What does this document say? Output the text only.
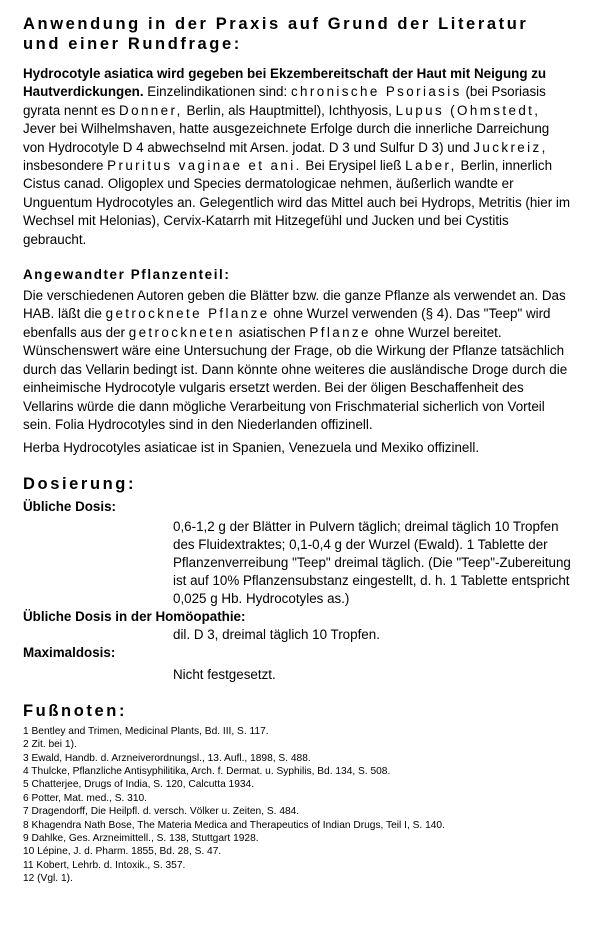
Anwendung in der Praxis auf Grund der Literatur
und einer Rundfrage:

Hydrocotyle asiatica wird gegeben bei Ekzembereitschaft der Haut mit Neigung zu Hautverdickungen. Einzelindikationen sind: chronische Psoriasis (bei Psoriasis gyrata nennt es Donner, Berlin, als Hauptmittel), Ichthyosis, Lupus (Ohmstedt, Jever bei Wilhelmshaven, hatte ausgezeichnete Erfolge durch die innerliche Darreichung von Hydrocotyle D 4 abwechselnd mit Arsen. jodat. D 3 und Sulfur D 3) und Juckreiz, insbesondere Pruritus vaginae et ani. Bei Erysipel ließ Laber, Berlin, innerlich Cistus canad. Oligoplex und Species dermatologicae nehmen, äußerlich wandte er Unguentum Hydrocotyles an. Gelegentlich wird das Mittel auch bei Hydrops, Metritis (hier im Wechsel mit Helonias), Cervix-Katarrh mit Hitzegefühl und Jucken und bei Cystitis gebraucht.

Angewandter Pflanzenteil:

Die verschiedenen Autoren geben die Blätter bzw. die ganze Pflanze als verwendet an. Das HAB. läßt die getrocknete Pflanze ohne Wurzel verwenden (§ 4). Das "Teep" wird ebenfalls aus der getrockneten asiatischen Pflanze ohne Wurzel bereitet. Wünschenswert wäre eine Untersuchung der Frage, ob die Wirkung der Pflanze tatsächlich durch das Vellarin bedingt ist. Dann könnte ohne weiteres die ausländische Droge durch die einheimische Hydrocotyle vulgaris ersetzt werden. Bei der öligen Beschaffenheit des Vellarins würde die dann mögliche Verarbeitung von Frischmaterial sicherlich von Vorteil sein. Folia Hydrocotyles sind in den Niederlanden offizinell.

Herba Hydrocotyles asiaticae ist in Spanien, Venezuela und Mexiko offizinell.

Dosierung:

Übliche Dosis:

0,6-1,2 g der Blätter in Pulvern täglich; dreimal täglich 10 Tropfen des Fluidextraktes; 0,1-0,4 g der Wurzel (Ewald). 1 Tablette der Pflanzenverreibung "Teep" dreimal täglich. (Die "Teep"-Zubereitung ist auf 10% Pflanzensubstanz eingestellt, d. h. 1 Tablette entspricht 0,025 g Hb. Hydrocotyles as.)

Übliche Dosis in der Homöopathie:

dil. D 3, dreimal täglich 10 Tropfen.

Maximaldosis:

Nicht festgesetzt.

Fußnoten:
1 Bentley and Trimen, Medicinal Plants, Bd. III, S. 117.
2 Zit. bei 1).
3 Ewald, Handb. d. Arzneiverordnungsl., 13. Aufl., 1898, S. 488.
4 Thulcke, Pflanzliche Antisyphilitika, Arch. f. Dermat. u. Syphilis, Bd. 134, S. 508.
5 Chatterjee, Drugs of India, S. 120, Calcutta 1934.
6 Potter, Mat. med., S. 310.
7 Dragendorff, Die Heilpfl. d. versch. Völker u. Zeiten, S. 484.
8 Khagendra Nath Bose, The Materia Medica and Therapeutics of Indian Drugs, Teil I, S. 140.
9 Dahlke, Ges. Arzneimittell., S. 138, Stuttgart 1928.
10 Lépine, J. d. Pharm. 1855, Bd. 28, S. 47.
11 Kobert, Lehrb. d. Intoxik., S. 357.
12 (Vgl. 1).
